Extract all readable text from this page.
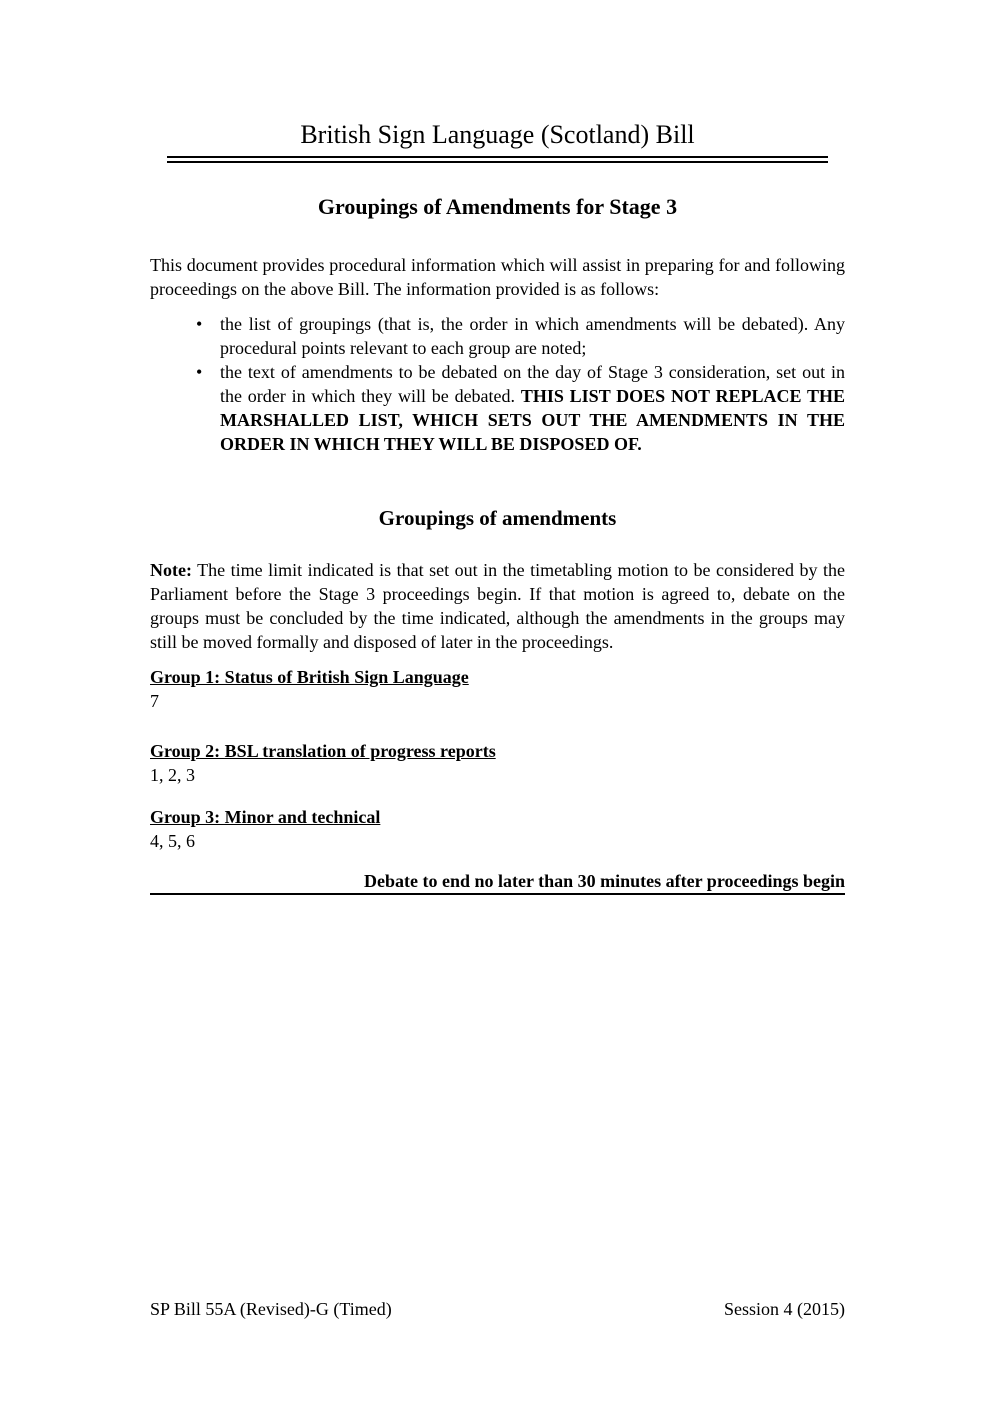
British Sign Language (Scotland) Bill
Groupings of Amendments for Stage 3

This document provides procedural information which will assist in preparing for and following proceedings on the above Bill. The information provided is as follows:

• the list of groupings (that is, the order in which amendments will be debated). Any procedural points relevant to each group are noted;
• the text of amendments to be debated on the day of Stage 3 consideration, set out in the order in which they will be debated. THIS LIST DOES NOT REPLACE THE MARSHALLED LIST, WHICH SETS OUT THE AMENDMENTS IN THE ORDER IN WHICH THEY WILL BE DISPOSED OF.
Groupings of amendments

Note: The time limit indicated is that set out in the timetabling motion to be considered by the Parliament before the Stage 3 proceedings begin. If that motion is agreed to, debate on the groups must be concluded by the time indicated, although the amendments in the groups may still be moved formally and disposed of later in the proceedings.

Group 1: Status of British Sign Language

7

Group 2: BSL translation of progress reports

1, 2, 3

Group 3: Minor and technical

4, 5, 6

Debate to end no later than 30 minutes after proceedings begin

SP Bill 55A (Revised)-G (Timed)	Session 4 (2015)
